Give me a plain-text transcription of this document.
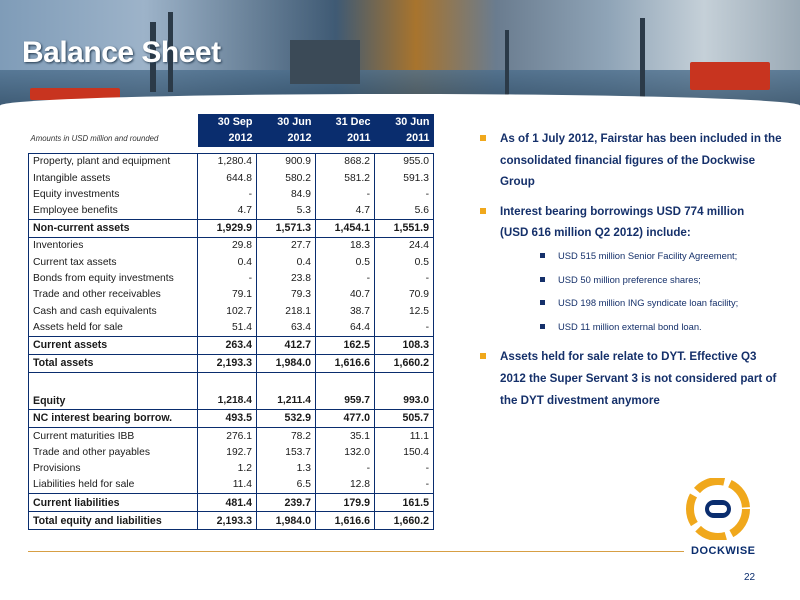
Balance Sheet
	30 Sep	30 Jun	31 Dec	30 Jun
Amounts in USD million and rounded	2012	2012	2011	2011

Property, plant and equipment	1,280.4	900.9	868.2	955.0
Intangible assets	644.8	580.2	581.2	591.3
Equity investments	-	84.9	-	-
Employee benefits	4.7	5.3	4.7	5.6
Non-current assets	1,929.9	1,571.3	1,454.1	1,551.9
Inventories	29.8	27.7	18.3	24.4
Current tax assets	0.4	0.4	0.5	0.5
Bonds from equity investments	-	23.8	-	-
Trade and other receivables	79.1	79.3	40.7	70.9
Cash and cash equivalents	102.7	218.1	38.7	12.5
Assets held for sale	51.4	63.4	64.4	-
Current assets	263.4	412.7	162.5	108.3
Total assets	2,193.3	1,984.0	1,616.6	1,660.2

Equity	1,218.4	1,211.4	959.7	993.0
NC interest bearing borrow.	493.5	532.9	477.0	505.7
Current maturities IBB	276.1	78.2	35.1	11.1
Trade and other payables	192.7	153.7	132.0	150.4
Provisions	1.2	1.3	-	-
Liabilities held for sale	11.4	6.5	12.8	-
Current liabilities	481.4	239.7	179.9	161.5
Total equity and liabilities	2,193.3	1,984.0	1,616.6	1,660.2
As of 1 July 2012, Fairstar has been included in the
consolidated financial figures of the Dockwise
Group
Interest bearing borrowings USD 774 million
(USD 616 million Q2 2012) include:
USD 515 million Senior Facility Agreement;
USD 50 million preference shares;
USD 198 million ING syndicate loan facility;
USD 11 million external bond loan.
Assets held for sale relate to DYT. Effective Q3
2012 the Super Servant 3 is not considered part of
the DYT divestment anymore
DOCKWISE
22
